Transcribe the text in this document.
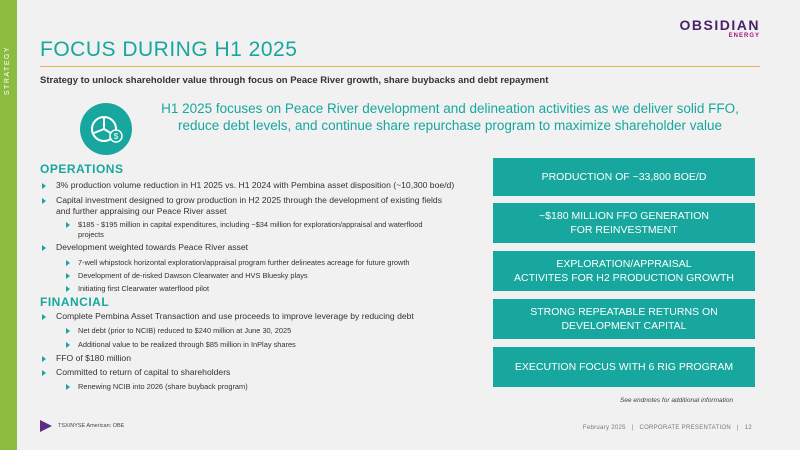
STRATEGY
OBSIDIAN
ENERGY
FOCUS DURING H1 2025
Strategy to unlock shareholder value through focus on Peace River growth, share buybacks and debt repayment
$
H1 2025 focuses on Peace River development and delineation activities as we deliver solid FFO,
reduce debt levels, and continue share repurchase program to maximize shareholder value
OPERATIONS
3% production volume reduction in H1 2025 vs. H1 2024 with Pembina asset disposition (~10,300 boe/d)
Capital investment designed to grow production in H2 2025 through the development of existing fields
and further appraising our Peace River asset
$185 - $195 million in capital expenditures, including ~$34 million for exploration/appraisal and waterflood
projects
Development weighted towards Peace River asset
7-well whipstock horizontal exploration/appraisal program further delineates acreage for future growth
Development of de-risked Dawson Clearwater and HVS Bluesky plays
Initiating first Clearwater waterflood pilot
FINANCIAL
Complete Pembina Asset Transaction and use proceeds to improve leverage by reducing debt
Net debt (prior to NCIB) reduced to $240 million at June 30, 2025
Additional value to be realized through $85 million in InPlay shares
FFO of $180 million
Committed to return of capital to shareholders
Renewing NCIB into 2026 (share buyback program)
PRODUCTION OF ~33,800 BOE/D
~$180 MILLION FFO GENERATION
FOR REINVESTMENT
EXPLORATION/APPRAISAL
ACTIVITES FOR H2 PRODUCTION GROWTH
STRONG REPEATABLE RETURNS ON
DEVELOPMENT CAPITAL
EXECUTION FOCUS WITH 6 RIG PROGRAM
See endnotes for additional information
TSX/NYSE American: OBE	February 2025   |   CORPORATE PRESENTATION   |   12
